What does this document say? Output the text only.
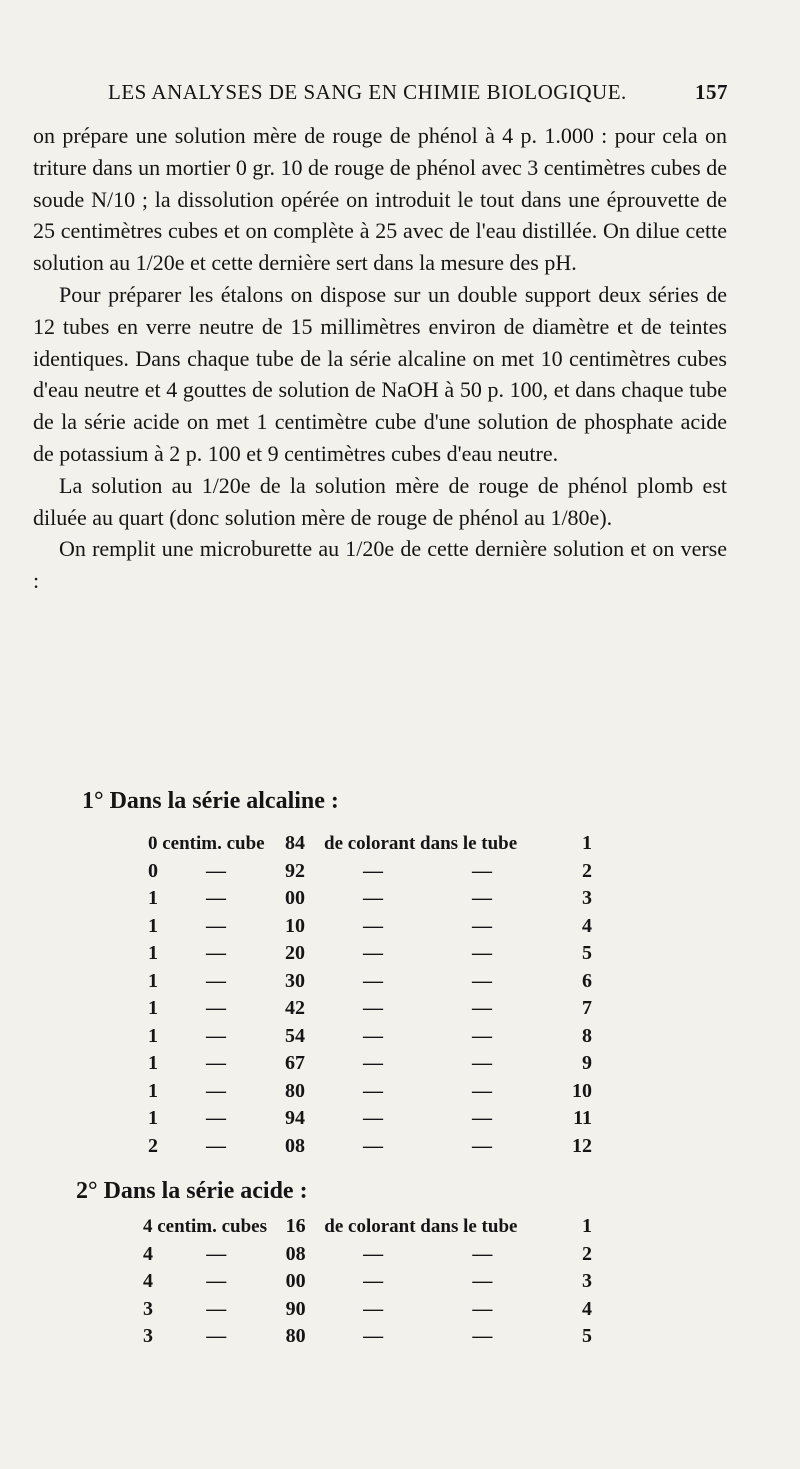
LES ANALYSES DE SANG EN CHIMIE BIOLOGIQUE.	157

on prépare une solution mère de rouge de phénol à 4 p. 1.000 : pour cela on triture dans un mortier 0 gr. 10 de rouge de phénol avec 3 centimètres cubes de soude N/10 ; la dissolution opérée on introduit le tout dans une éprouvette de 25 centimètres cubes et on complète à 25 avec de l'eau distillée. On dilue cette solution au 1/20e et cette dernière sert dans la mesure des pH.

Pour préparer les étalons on dispose sur un double support deux séries de 12 tubes en verre neutre de 15 millimètres environ de diamètre et de teintes identiques. Dans chaque tube de la série alcaline on met 10 centimètres cubes d'eau neutre et 4 gouttes de solution de NaOH à 50 p. 100, et dans chaque tube de la série acide on met 1 centimètre cube d'une solution de phosphate acide de potassium à 2 p. 100 et 9 centimètres cubes d'eau neutre.

La solution au 1/20e de la solution mère de rouge de phénol plomb est diluée au quart (donc solution mère de rouge de phénol au 1/80e).

On remplit une microburette au 1/20e de cette dernière solution et on verse :

1° Dans la série alcaline :
0 centim. cube		84	de colorant dans le tube		1
0	—	92	—	—	2
1	—	00	—	—	3
1	—	10	—	—	4
1	—	20	—	—	5
1	—	30	—	—	6
1	—	42	—	—	7
1	—	54	—	—	8
1	—	67	—	—	9
1	—	80	—	—	10
1	—	94	—	—	11
2	—	08	—	—	12
2° Dans la série acide :
4 centim. cubes		16	de colorant dans le tube		1
4	—	08	—	—	2
4	—	00	—	—	3
3	—	90	—	—	4
3	—	80	—	—	5
